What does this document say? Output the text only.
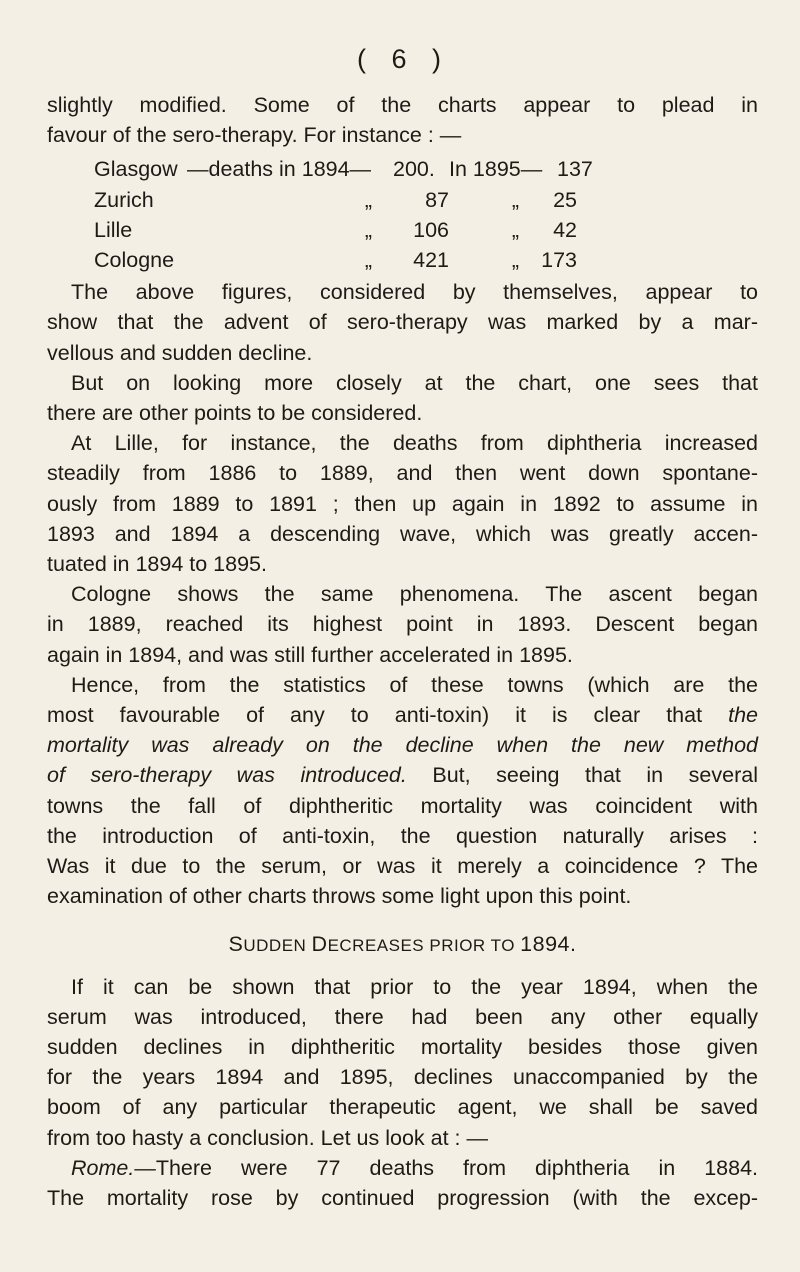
( 6 )
slightly modified. Some of the charts appear to plead in
favour of the sero-therapy. For instance : —
Glasgow —deaths in 1894—	200. In 1895— 137
Zurich	„	87	„	25
Lille	„	106	„	42
Cologne	„	421	„	173
The above figures, considered by themselves, appear to
show that the advent of sero-therapy was marked by a mar-
vellous and sudden decline.
But on looking more closely at the chart, one sees that
there are other points to be considered.
At Lille, for instance, the deaths from diphtheria increased
steadily from 1886 to 1889, and then went down spontane-
ously from 1889 to 1891 ; then up again in 1892 to assume in
1893 and 1894 a descending wave, which was greatly accen-
tuated in 1894 to 1895.
Cologne shows the same phenomena. The ascent began
in 1889, reached its highest point in 1893. Descent began
again in 1894, and was still further accelerated in 1895.
Hence, from the statistics of these towns (which are the
most favourable of any to anti-toxin) it is clear that the
mortality was already on the decline when the new method
of sero-therapy was introduced. But, seeing that in several
towns the fall of diphtheritic mortality was coincident with
the introduction of anti-toxin, the question naturally arises :
Was it due to the serum, or was it merely a coincidence ? The
examination of other charts throws some light upon this point.
SUDDEN DECREASES PRIOR TO 1894.
If it can be shown that prior to the year 1894, when the
serum was introduced, there had been any other equally
sudden declines in diphtheritic mortality besides those given
for the years 1894 and 1895, declines unaccompanied by the
boom of any particular therapeutic agent, we shall be saved
from too hasty a conclusion. Let us look at : —
Rome.—There were 77 deaths from diphtheria in 1884.
The mortality rose by continued progression (with the excep-
